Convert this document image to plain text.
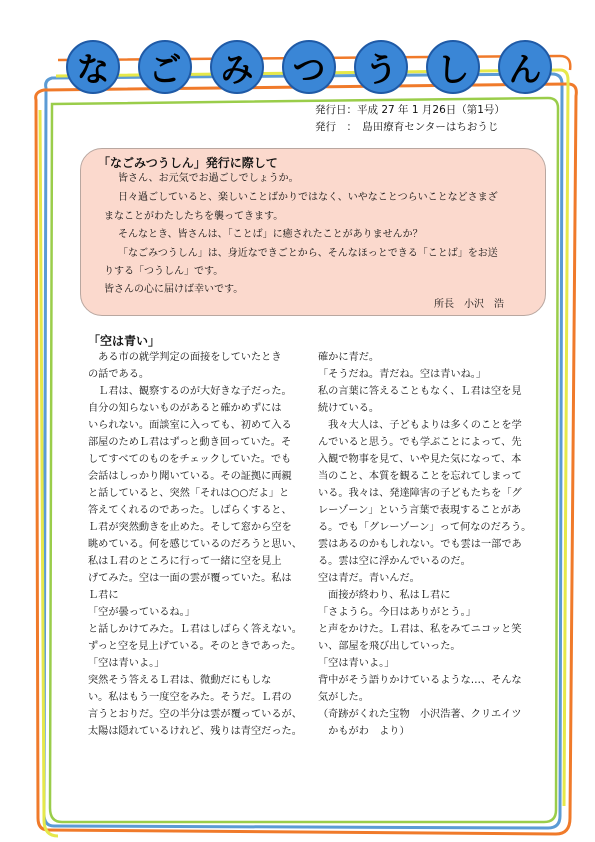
な ご み つ う し ん
発行日：平成 27 年 1 月26日（第1号）
発行　：　島田療育センターはちおうじ
「なごみつうしん」発行に際して
皆さん、お元気でお過ごしでしょうか。
日々過ごしていると、楽しいことばかりではなく、いやなことつらいことなどさまざ
まなことがわたしたちを襲ってきます。
そんなとき、皆さんは、「ことば」に癒されたことがありませんか？
「なごみつうしん」は、身近なできごとから、そんなほっとできる「ことば」をお送
りする「つうしん」です。
皆さんの心に届けば幸いです。
所長　小沢　浩
「空は青い」
　ある市の就学判定の面接をしていたとき
の話である。
　Ｌ君は、観察するのが大好きな子だった。
自分の知らないものがあると確かめずには
いられない。面談室に入っても、初めて入る
部屋のためＬ君はずっと動き回っていた。そ
してすべてのものをチェックしていた。でも
会話はしっかり聞いている。その証拠に両親
と話していると、突然「それは○○だよ」と
答えてくれるのであった。しばらくすると、
Ｌ君が突然動きを止めた。そして窓から空を
眺めている。何を感じているのだろうと思い、
私はＬ君のところに行って一緒に空を見上
げてみた。空は一面の雲が覆っていた。私は
Ｌ君に
「空が曇っているね。」
と話しかけてみた。Ｌ君はしばらく答えない。
ずっと空を見上げている。そのときであった。
「空は青いよ。」
突然そう答えるＬ君は、微動だにもしな
い。私はもう一度空をみた。そうだ。Ｌ君の
言うとおりだ。空の半分は雲が覆っているが、
太陽は隠れているけれど、残りは青空だった。
確かに青だ。
「そうだね。青だね。空は青いね。」
私の言葉に答えることもなく、Ｌ君は空を見
続けている。
　我々大人は、子どもよりは多くのことを学
んでいると思う。でも学ぶことによって、先
入観で物事を見て、いや見た気になって、本
当のこと、本質を観ることを忘れてしまって
いる。我々は、発達障害の子どもたちを「グ
レーゾーン」という言葉で表現することがあ
る。でも「グレーゾーン」って何なのだろう。
雲はあるのかもしれない。でも雲は一部であ
る。雲は空に浮かんでいるのだ。
空は青だ。青いんだ。
　面接が終わり、私はＬ君に
「さようら。今日はありがとう。」
と声をかけた。Ｌ君は、私をみてニコッと笑
い、部屋を飛び出していった。
「空は青いよ。」
背中がそう語りかけているような…、そんな
気がした。
（奇跡がくれた宝物　小沢浩著、クリエイツ
　かもがわ　より）
